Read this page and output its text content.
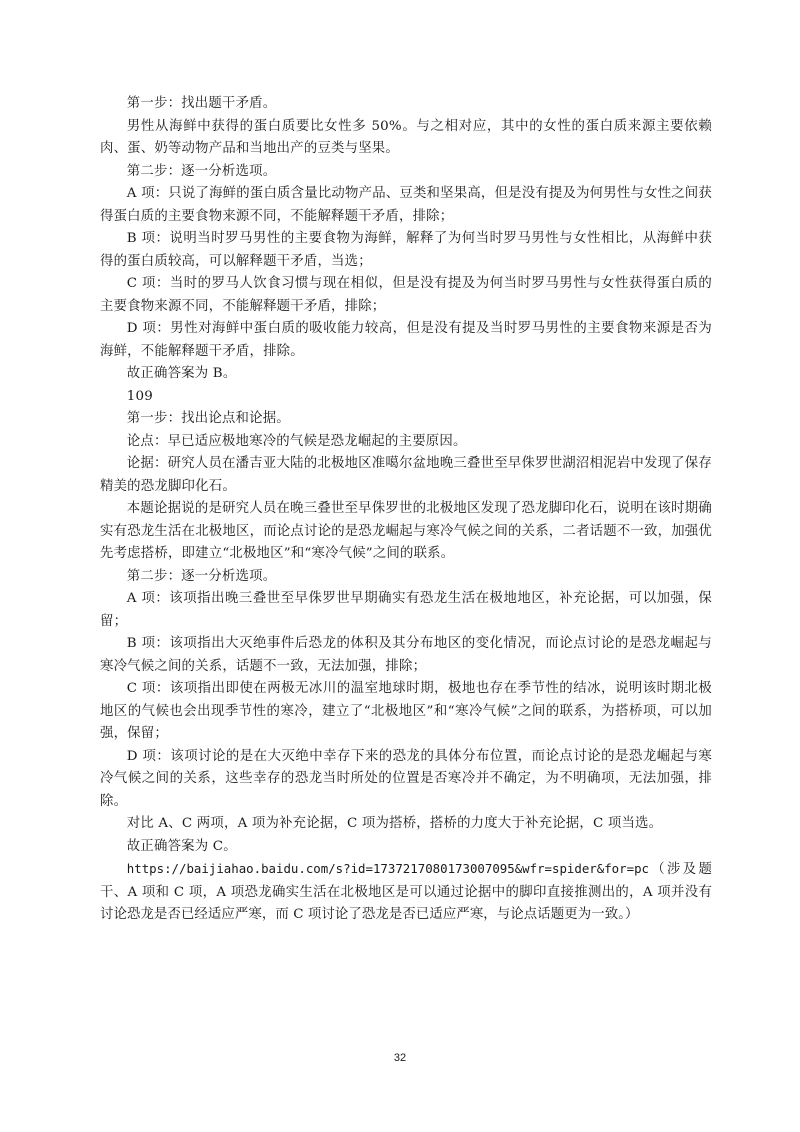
第一步：找出题干矛盾。

男性从海鲜中获得的蛋白质要比女性多 50%。与之相对应，其中的女性的蛋白质来源主要依赖肉、蛋、奶等动物产品和当地出产的豆类与坚果。

第二步：逐一分析选项。

A 项：只说了海鲜的蛋白质含量比动物产品、豆类和坚果高，但是没有提及为何男性与女性之间获得蛋白质的主要食物来源不同，不能解释题干矛盾，排除；

B 项：说明当时罗马男性的主要食物为海鲜，解释了为何当时罗马男性与女性相比，从海鲜中获得的蛋白质较高，可以解释题干矛盾，当选；

C 项：当时的罗马人饮食习惯与现在相似，但是没有提及为何当时罗马男性与女性获得蛋白质的主要食物来源不同，不能解释题干矛盾，排除；

D 项：男性对海鲜中蛋白质的吸收能力较高，但是没有提及当时罗马男性的主要食物来源是否为海鲜，不能解释题干矛盾，排除。

故正确答案为 B。

109

第一步：找出论点和论据。

论点：早已适应极地寒冷的气候是恐龙崛起的主要原因。

论据：研究人员在潘吉亚大陆的北极地区准噶尔盆地晚三叠世至早侏罗世湖沼相泥岩中发现了保存精美的恐龙脚印化石。

本题论据说的是研究人员在晚三叠世至早侏罗世的北极地区发现了恐龙脚印化石，说明在该时期确实有恐龙生活在北极地区，而论点讨论的是恐龙崛起与寒冷气候之间的关系，二者话题不一致，加强优先考虑搭桥，即建立“北极地区”和“寒冷气候”之间的联系。

第二步：逐一分析选项。

A 项：该项指出晚三叠世至早侏罗世早期确实有恐龙生活在极地地区，补充论据，可以加强，保留；

B 项：该项指出大灭绝事件后恐龙的体积及其分布地区的变化情况，而论点讨论的是恐龙崛起与寒冷气候之间的关系，话题不一致，无法加强，排除；

C 项：该项指出即使在两极无冰川的温室地球时期，极地也存在季节性的结冰，说明该时期北极地区的气候也会出现季节性的寒冷，建立了“北极地区”和“寒冷气候”之间的联系，为搭桥项，可以加强，保留；

D 项：该项讨论的是在大灭绝中幸存下来的恐龙的具体分布位置，而论点讨论的是恐龙崛起与寒冷气候之间的关系，这些幸存的恐龙当时所处的位置是否寒冷并不确定，为不明确项，无法加强，排除。

对比 A、C 两项，A 项为补充论据，C 项为搭桥，搭桥的力度大于补充论据，C 项当选。

故正确答案为 C。

https://baijiahao.baidu.com/s?id=1737217080173007095&wfr=spider&for=pc（涉及题干、A 项和 C 项，A 项恐龙确实生活在北极地区是可以通过论据中的脚印直接推测出的，A 项并没有讨论恐龙是否已经适应严寒，而 C 项讨论了恐龙是否已适应严寒，与论点话题更为一致。）

32
